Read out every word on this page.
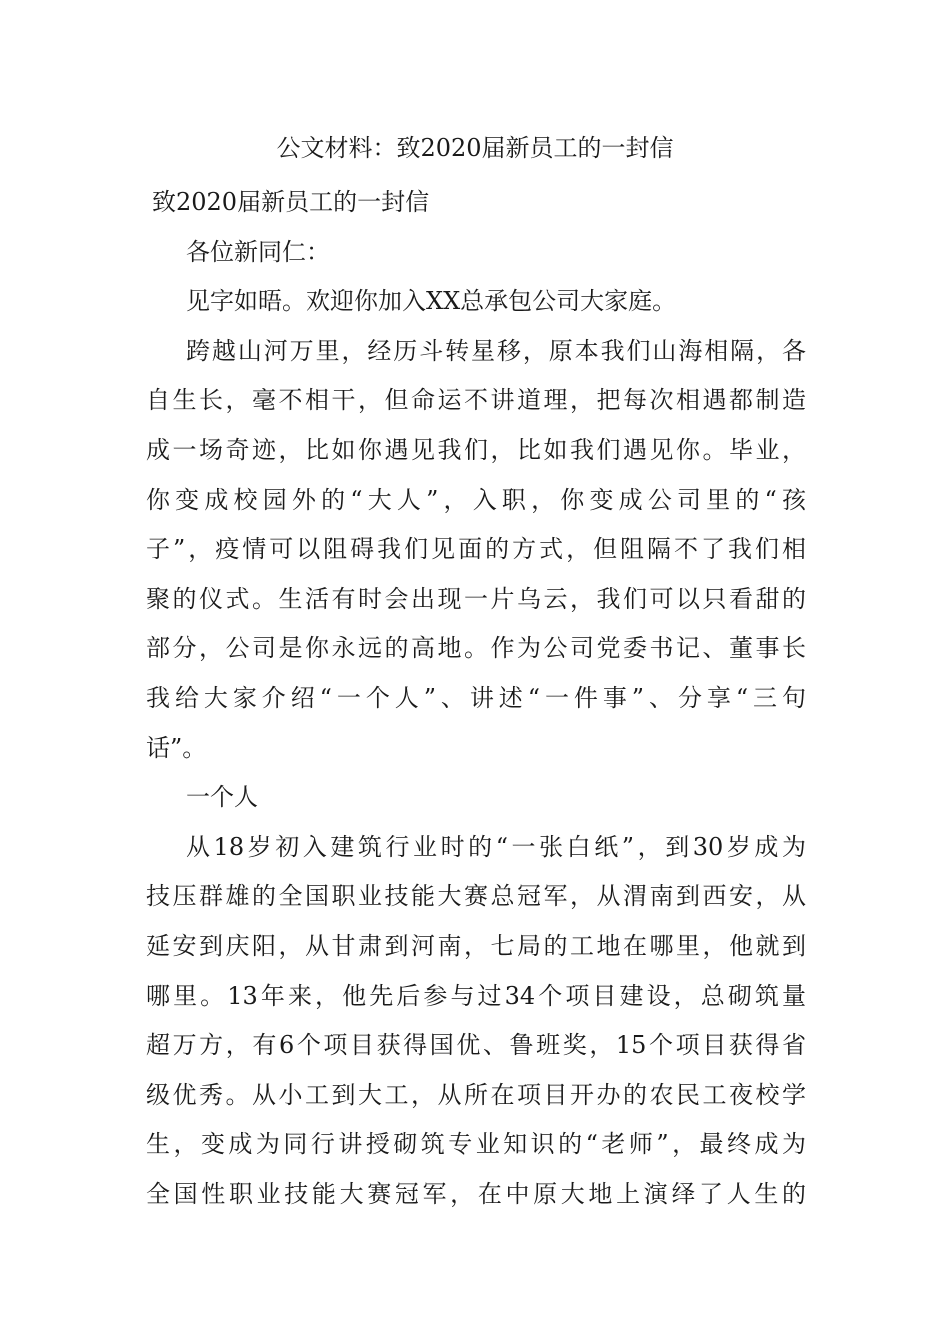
公文材料：致2020届新员工的一封信
致2020届新员工的一封信
各位新同仁：
见字如晤。欢迎你加入XX总承包公司大家庭。
跨越山河万里，经历斗转星移，原本我们山海相隔，各
自生长，毫不相干，但命运不讲道理，把每次相遇都制造
成一场奇迹，比如你遇见我们，比如我们遇见你。毕业，
你变成校园外的“大人”，入职，你变成公司里的“孩
子”，疫情可以阻碍我们见面的方式，但阻隔不了我们相
聚的仪式。生活有时会出现一片乌云，我们可以只看甜的
部分，公司是你永远的高地。作为公司党委书记、董事长
我给大家介绍“一个人”、讲述“一件事”、分享“三句
话”。
一个人
从18岁初入建筑行业时的“一张白纸”，到30岁成为
技压群雄的全国职业技能大赛总冠军，从渭南到西安，从
延安到庆阳，从甘肃到河南，七局的工地在哪里，他就到
哪里。13年来，他先后参与过34个项目建设，总砌筑量
超万方，有6个项目获得国优、鲁班奖，15个项目获得省
级优秀。从小工到大工，从所在项目开办的农民工夜校学
生，变成为同行讲授砌筑专业知识的“老师”，最终成为
全国性职业技能大赛冠军，在中原大地上演绎了人生的
